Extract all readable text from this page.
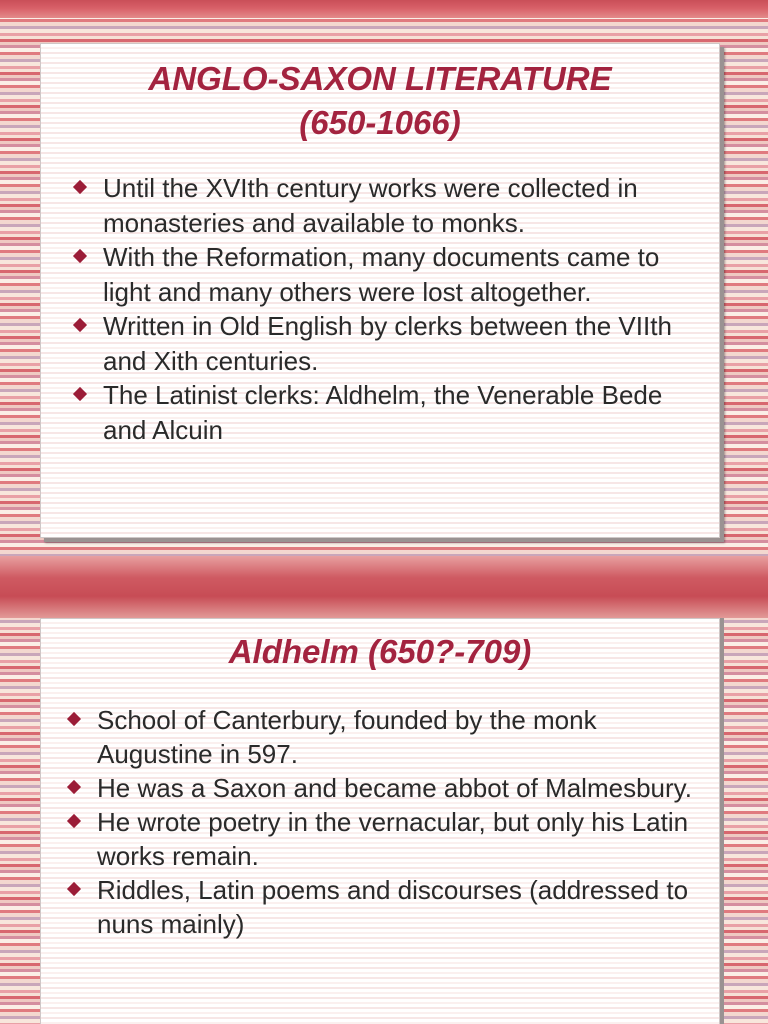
ANGLO-SAXON LITERATURE
(650-1066)
Until the XVIth century works were collected in monasteries and available to monks.
With the Reformation, many documents came to light and many others were lost altogether.
Written in Old English by clerks between the VIIth and Xith centuries.
The Latinist clerks: Aldhelm, the Venerable Bede and Alcuin
Aldhelm (650?-709)
School of Canterbury, founded by the monk Augustine in 597.
He was a Saxon and became abbot of Malmesbury.
He wrote poetry in the vernacular, but only his Latin works remain.
Riddles, Latin poems and discourses (addressed to nuns mainly)
